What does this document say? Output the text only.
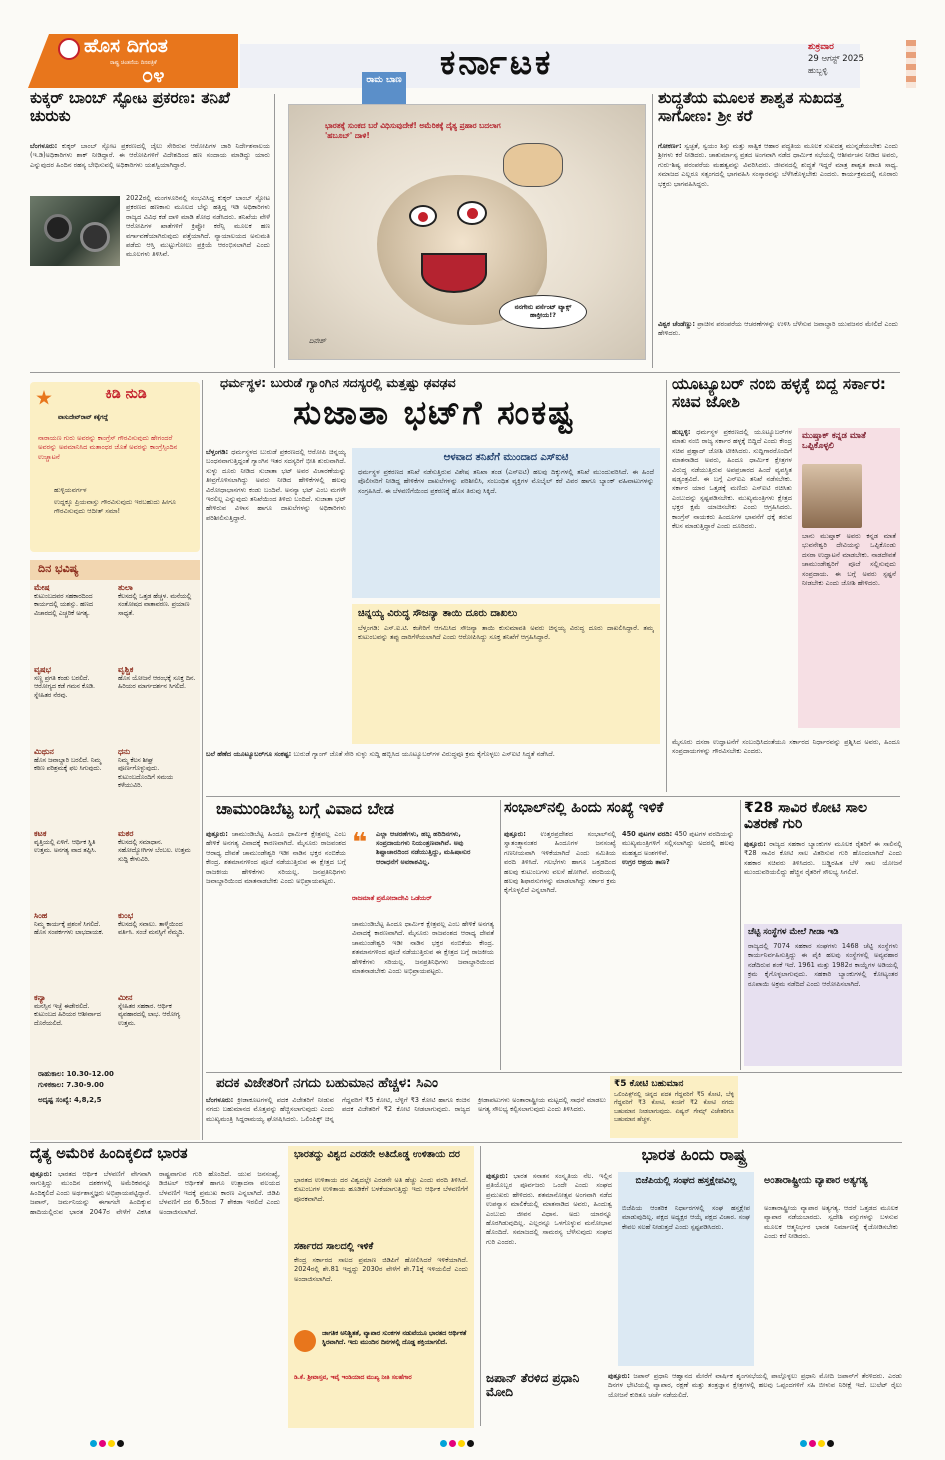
ಹೊಸ ದಿಗಂತ
ರಾಷ್ಟ್ರ ಚಿಂತನೆಯ ದಿನಪತ್ರಿಕೆ
೦೪	ಕರ್ನಾಟಕ	ಶುಕ್ರವಾರ
29 ಆಗಸ್ಟ್ 2025
ಹುಬ್ಬಳ್ಳಿ
ಕುಕ್ಕರ್ ಬಾಂಬ್ ಸ್ಫೋಟ ಪ್ರಕರಣ: ತನಿಖೆ ಚುರುಕು
ಬೆಂಗಳೂರು: ಕುಕ್ಕರ್ ಬಾಂಬ್ ಸ್ಫೋಟ ಪ್ರಕರಣದಲ್ಲಿ ಜೈಲು ಸೇರಿರುವ ಆರೋಪಿಗಳ ಜಾರಿ ನಿರ್ದೇಶನಾಲಯ (ಇ.ಡಿ)ಅಧಿಕಾರಿಗಳು ಶಾಕ್ ನೀಡಿದ್ದಾರೆ. ಈ ಆರೋಪಿಗಳಿಗೆ ವಿದೇಶದಿಂದ ಹಣ ಸಂದಾಯ ಮಾಡಿದ್ದು ಯಾರು ಎನ್ನುವುದರ ಹಿಂದಿನ ರಹಸ್ಯ ಬೇಧಿಸುವಲ್ಲಿ ಅಧಿಕಾರಿಗಳು ಯಶಸ್ವಿಯಾಗಿದ್ದಾರೆ.
2022ರಲ್ಲಿ ಮಂಗಳೂರಿನಲ್ಲಿ ಸಂಭವಿಸಿದ್ದ ಕುಕ್ಕರ್ ಬಾಂಬ್ ಸ್ಫೋಟ ಪ್ರಕರಣದ ಹಣಕಾಸು ಮೂಲದ ಬೆನ್ನು ಹತ್ತಿದ್ದ ಇಡಿ ಅಧಿಕಾರಿಗಳು ರಾಜ್ಯದ ವಿವಿಧ ಕಡೆ ದಾಳಿ ಮಾಡಿ ಶೋಧ ನಡೆಸಿದರು. ತನಿಖೆಯ ವೇಳೆ ಆರೋಪಿಗಳ ಖಾತೆಗಳಿಗೆ ಕ್ರಿಪ್ಟೋ ಕರೆನ್ಸಿ ಮೂಲಕ ಹಣ ವರ್ಗಾವಣೆಯಾಗಿರುವುದು ಪತ್ತೆಯಾಗಿದೆ. ನ್ಯಾಯಾಲಯದ ಅನುಮತಿ ಪಡೆದು ಆಸ್ತಿ ಮುಟ್ಟುಗೋಲು ಪ್ರಕ್ರಿಯೆ ಆರಂಭಿಸಲಾಗಿದೆ ಎಂದು ಮೂಲಗಳು ತಿಳಿಸಿವೆ.
ರಾಮ ಬಾಣ
ಭಾರತಕ್ಕೆ ಸುಂಕದ ಬರೆ ವಿಧಿಸುವುದೇಕೆ! ಅಮೆರಿಕಕ್ಕೆ ದೈತ್ಯ ಪ್ರಹಾರ ಬದಲಾಗ 'ಹಬೂಬ್' ದಾಳಿ!
ನನಗೇನು ಪರ್ಸೆಂಟ್ ಟ್ಯಾಕ್ಸ್ ಹಾಕ್ತೀಯ!?
ದಿನೇಶ್
ಶುದ್ಧತೆಯ ಮೂಲಕ ಶಾಶ್ವತ ಸುಖದತ್ತ ಸಾಗೋಣ: ಶ್ರೀ ಕರೆ
ಗೋಕರ್ಣ: ಸ್ವಚ್ಛತೆ, ಸ್ವಯಂ ಶಿಸ್ತು ಮತ್ತು ಸಾತ್ವಿಕ ಆಹಾರ ಪದ್ಧತಿಯ ಮೂಲಕ ಸುಖದತ್ತ ಮುನ್ನಡೆಯಬೇಕು ಎಂದು ಶ್ರೀಗಳು ಕರೆ ನೀಡಿದರು. ಚಾತುರ್ಮಾಸ್ಯ ವ್ರತದ ಅಂಗವಾಗಿ ನಡೆದ ಧಾರ್ಮಿಕ ಸಭೆಯಲ್ಲಿ ಆಶೀರ್ವಚನ ನೀಡಿದ ಅವರು, ಗುರು-ಶಿಷ್ಯ ಪರಂಪರೆಯ ಮಹತ್ವವನ್ನು ವಿವರಿಸಿದರು. ಜೀವನದಲ್ಲಿ ಶುದ್ಧತೆ ಇದ್ದರೆ ಮಾತ್ರ ಶಾಶ್ವತ ಶಾಂತಿ ಸಾಧ್ಯ. ಸಮಾಜದ ಎಲ್ಲರೂ ಸತ್ಸಂಗದಲ್ಲಿ ಭಾಗವಹಿಸಿ ಸಂಸ್ಕಾರವನ್ನು ಬೆಳೆಸಿಕೊಳ್ಳಬೇಕು ಎಂದರು. ಕಾರ್ಯಕ್ರಮದಲ್ಲಿ ನೂರಾರು ಭಕ್ತರು ಭಾಗವಹಿಸಿದ್ದರು.
ವಿಶ್ವಕ ಚೆಂಡೆಣ್ಣು: ಪ್ರಾಚೀನ ಪರಂಪರೆಯ ಆಚರಣೆಗಳನ್ನು ಉಳಿಸಿ ಬೆಳೆಸುವ ಜವಾಬ್ದಾರಿ ಯುವಜನರ ಮೇಲಿದೆ ಎಂದು ಹೇಳಿದರು.
ಕಿಡಿ ನುಡಿ
ವಾಸುದೇವ್‌ರಾವ್ ಕಕ್ಕೆಗದ್ದೆ
ನಾರಾಯಣ ಗುರು ಅವರನ್ನು ಕಾಂಗ್ರೆಸ್ ಗೌರವಿಸುವುದು ಹೇಗಂದರೆ ಅವರನ್ನು ಅವಮಾನಿಸಿದ ಮತಾಂಧರ ಜೊತೆ ಅವರನ್ನು ಕಾಂಗ್ರೆಸ್ಸಿಂದಿನ ಉಚ್ಚಾಟನೆ
ಹುಳ್ಳಿಯವರ್ಗಳ
ಉದ್ದಕ್ಕೂ ಪ್ರಿಯವಾಸ್ತು ಗೌರವಿಸುವುದು ಇರಬಹುದು ಹೀಗೂ ಗೌರವಿಸುವುದು ಆದೀತ್ ಸಮಾ!
ದಿನ ಭವಿಷ್ಯ
ಮೇಷ
ಕುಟುಂಬದವರ ಸಹಕಾರದಿಂದ ಕಾರ್ಯದಲ್ಲಿ ಯಶಸ್ಸು. ಹಣದ ವಿಚಾರದಲ್ಲಿ ಎಚ್ಚರಿಕೆ ಅಗತ್ಯ.
ತುಲಾ
ಕೆಲಸದಲ್ಲಿ ಒತ್ತಡ ಹೆಚ್ಚಳ. ಮನೆಯಲ್ಲಿ ಸಂತೋಷದ ವಾತಾವರಣ. ಪ್ರಯಾಣ ಸಾಧ್ಯತೆ.
ವೃಷಭ
ಸಣ್ಣ ಪ್ರಗತಿ ಕಂಡು ಬರಲಿದೆ. ಆರೋಗ್ಯದ ಕಡೆ ಗಮನ ಕೊಡಿ. ಸ್ನೇಹಿತರ ನೆರವು.
ವೃಶ್ಚಿಕ
ಹೊಸ ಯೋಜನೆ ಆರಂಭಕ್ಕೆ ಸೂಕ್ತ ದಿನ. ಹಿರಿಯರ ಮಾರ್ಗದರ್ಶನ ಸಿಗಲಿದೆ.
ಮಿಥುನ
ಹೊಸ ಜವಾಬ್ದಾರಿ ಬರಲಿದೆ. ನಿಮ್ಮ ಕಠಿಣ ಪರಿಶ್ರಮಕ್ಕೆ ಫಲ ಸಿಗುವುದು.
ಧನು
ನಿಮ್ಮ ಕೆಲಸ ಶೀಘ್ರ ಪೂರ್ಣಗೊಳ್ಳುವುದು. ಕುಟುಂಬದೊಂದಿಗೆ ಸಮಯ ಕಳೆಯುವಿರಿ.
ಕಟಕ
ವೃತ್ತಿಯಲ್ಲಿ ಏಳಿಗೆ. ಆರ್ಥಿಕ ಸ್ಥಿತಿ ಉತ್ತಮ. ಅನಗತ್ಯ ವಾದ ತಪ್ಪಿಸಿ.
ಮಕರ
ಕೆಲಸದಲ್ಲಿ ಸಮಾಧಾನ. ಸಹೋದ್ಯೋಗಿಗಳ ಬೆಂಬಲ. ಉತ್ತಮ ಸುದ್ದಿ ಕೇಳುವಿರಿ.
ಸಿಂಹ
ನಿಮ್ಮ ಕಾರ್ಯಕ್ಕೆ ಪ್ರಶಂಸೆ ಸಿಗಲಿದೆ. ಹೊಸ ಸಂಪರ್ಕಗಳು ಲಾಭದಾಯಕ.
ಕುಂಭ
ಕೆಲಸದಲ್ಲಿ ಸವಾಲು. ತಾಳ್ಮೆಯಿಂದ ವರ್ತಿಸಿ. ಸಂಜೆ ಮನಸ್ಸಿಗೆ ನೆಮ್ಮದಿ.
ಕನ್ಯಾ
ಮನಸ್ಸಿನ ಇಚ್ಛೆ ಈಡೇರಲಿದೆ. ಕುಟುಂಬದ ಹಿರಿಯರ ಆಶೀರ್ವಾದ ದೊರೆಯಲಿದೆ.
ಮೀನ
ಸ್ನೇಹಿತರ ಸಹಕಾರ. ಆರ್ಥಿಕ ವ್ಯವಹಾರದಲ್ಲಿ ಲಾಭ. ಆರೋಗ್ಯ ಉತ್ತಮ.
ರಾಹುಕಾಲ: 10.30-12.00
ಗುಳಿಕಕಾಲ: 7.30-9.00
ಅದೃಷ್ಟ ಸಂಖ್ಯೆ: 4,8,2,5
ಧರ್ಮಸ್ಥಳ: ಬುರುಡೆ ಗ್ಯಾಂಗಿನ ಸದಸ್ಯರಲ್ಲಿ ಮತ್ತಷ್ಟು ಢವಢವ
ಸುಜಾತಾ ಭಟ್‌ಗೆ ಸಂಕಷ್ಟ
ಬೆಳ್ತಂಗಡಿ: ಧರ್ಮಸ್ಥಳದ ಬುರುಡೆ ಪ್ರಕರಣದಲ್ಲಿ ಆರೋಪಿ ಚಿನ್ನಯ್ಯ ಬಂಧನವಾಗುತ್ತಿದ್ದಂತೆ ಗ್ಯಾಂಗಿನ ಇತರ ಸದಸ್ಯರಿಗೆ ಭೀತಿ ಶುರುವಾಗಿದೆ. ಸುಳ್ಳು ದೂರು ನೀಡಿದ ಸುಜಾತಾ ಭಟ್ ಅವರ ವಿಚಾರಣೆಯನ್ನು ತೀವ್ರಗೊಳಿಸಲಾಗಿದ್ದು ಅವರು ನೀಡಿದ ಹೇಳಿಕೆಗಳಲ್ಲಿ ಹಲವು ವಿರೋಧಾಭಾಸಗಳು ಕಂಡು ಬಂದಿವೆ. ಅನನ್ಯಾ ಭಟ್ ಎಂಬ ಮಗಳೇ ಇರಲಿಲ್ಲ ಎನ್ನುವುದು ತನಿಖೆಯಿಂದ ತಿಳಿದು ಬಂದಿದೆ. ಸುಜಾತಾ ಭಟ್ ಹೇಳಿರುವ ವಿಳಾಸ ಹಾಗೂ ದಾಖಲೆಗಳನ್ನು ಅಧಿಕಾರಿಗಳು ಪರಿಶೀಲಿಸುತ್ತಿದ್ದಾರೆ.
ಆಳವಾದ ತನಿಖೆಗೆ ಮುಂದಾದ ಎಸ್ಐಟಿ
ಧರ್ಮಸ್ಥಳ ಪ್ರಕರಣದ ತನಿಖೆ ನಡೆಸುತ್ತಿರುವ ವಿಶೇಷ ತನಿಖಾ ತಂಡ (ಎಸ್ಐಟಿ) ಹಲವು ದಿಕ್ಕುಗಳಲ್ಲಿ ತನಿಖೆ ಮುಂದುವರಿಸಿದೆ. ಈ ಹಿಂದೆ ಪೊಲೀಸರಿಗೆ ನೀಡಿದ್ದ ಹೇಳಿಕೆಗಳ ದಾಖಲೆಗಳನ್ನು ಪರಿಶೀಲಿಸಿ, ಸಂಬಂಧಿತ ವ್ಯಕ್ತಿಗಳ ಮೊಬೈಲ್ ಕರೆ ವಿವರ ಹಾಗೂ ಬ್ಯಾಂಕ್ ವಹಿವಾಟುಗಳನ್ನು ಸಂಗ್ರಹಿಸಿದೆ. ಈ ಬೆಳವಣಿಗೆಯಿಂದ ಪ್ರಕರಣಕ್ಕೆ ಹೊಸ ತಿರುವು ಸಿಕ್ಕಿದೆ.
ಚಿನ್ನಯ್ಯ ವಿರುದ್ಧ ಸೌಜನ್ಯಾ ತಾಯಿ ದೂರು ದಾಖಲು
ಬೆಳ್ತಂಗಡಿ: ಎಸ್.ಐ.ಟಿ. ಕಚೇರಿಗೆ ಆಗಮಿಸಿದ ಸೌಜನ್ಯಾ ತಾಯಿ ಕುಸುಮಾವತಿ ಅವರು ಚಿನ್ನಯ್ಯ ವಿರುದ್ಧ ದೂರು ದಾಖಲಿಸಿದ್ದಾರೆ. ತಮ್ಮ ಕುಟುಂಬವನ್ನು ತಪ್ಪು ದಾರಿಗೆಳೆಯಲಾಗಿದೆ ಎಂದು ಆರೋಪಿಸಿದ್ದು ಸೂಕ್ತ ತನಿಖೆಗೆ ಆಗ್ರಹಿಸಿದ್ದಾರೆ.
ಬಲೆ ಹೆಣೆದ ಯೂಟ್ಯೂಬರ್‌ಗೂ ಸಂಕಷ್ಟ: ಬುರುಡೆ ಗ್ಯಾಂಗ್ ಜೊತೆ ಸೇರಿ ಸುಳ್ಳು ಸುದ್ದಿ ಹಬ್ಬಿಸಿದ ಯೂಟ್ಯೂಬರ್‌ಗಳ ವಿರುದ್ಧವೂ ಕ್ರಮ ಕೈಗೊಳ್ಳಲು ಎಸ್ಐಟಿ ಸಿದ್ಧತೆ ನಡೆಸಿದೆ.
ಯೂಟ್ಯೂಬರ್ ನಂಬಿ ಹಳ್ಳಕ್ಕೆ ಬಿದ್ದ ಸರ್ಕಾರ: ಸಚಿವ ಜೋಶಿ
ಹುಬ್ಬಳ್ಳಿ: ಧರ್ಮಸ್ಥಳ ಪ್ರಕರಣದಲ್ಲಿ ಯೂಟ್ಯೂಬರ್‌ಗಳ ಮಾತು ನಂಬಿ ರಾಜ್ಯ ಸರ್ಕಾರ ಹಳ್ಳಕ್ಕೆ ಬಿದ್ದಿದೆ ಎಂದು ಕೇಂದ್ರ ಸಚಿವ ಪ್ರಹ್ಲಾದ್ ಜೋಶಿ ಟೀಕಿಸಿದರು. ಸುದ್ದಿಗಾರರೊಂದಿಗೆ ಮಾತನಾಡಿದ ಅವರು, ಹಿಂದೂ ಧಾರ್ಮಿಕ ಕ್ಷೇತ್ರಗಳ ವಿರುದ್ಧ ನಡೆಯುತ್ತಿರುವ ಅಪಪ್ರಚಾರದ ಹಿಂದೆ ವ್ಯವಸ್ಥಿತ ಷಡ್ಯಂತ್ರವಿದೆ. ಈ ಬಗ್ಗೆ ಎನ್ಐಎ ತನಿಖೆ ನಡೆಸಬೇಕು. ಸರ್ಕಾರ ಯಾರ ಒತ್ತಡಕ್ಕೆ ಮಣಿದು ಎಸ್ಐಟಿ ರಚಿಸಿತು ಎಂಬುದನ್ನು ಸ್ಪಷ್ಟಪಡಿಸಬೇಕು. ಮುಖ್ಯಮಂತ್ರಿಗಳು ಕ್ಷೇತ್ರದ ಭಕ್ತರ ಕ್ಷಮೆ ಯಾಚಿಸಬೇಕು ಎಂದು ಆಗ್ರಹಿಸಿದರು. ಕಾಂಗ್ರೆಸ್ ನಾಯಕರು ಹಿಂದೂಗಳ ಭಾವನೆಗೆ ಧಕ್ಕೆ ತರುವ ಕೆಲಸ ಮಾಡುತ್ತಿದ್ದಾರೆ ಎಂದು ದೂರಿದರು.
ಮುಷ್ತಾಕ್ ಕನ್ನಡ ಮಾತೆ ಒಪ್ಪಿಕೊಳ್ಳಲಿ
ಬಾನು ಮುಷ್ತಾಕ್ ಅವರು ಕನ್ನಡ ಮಾತೆ ಭುವನೇಶ್ವರಿ ದೇವಿಯನ್ನು ಒಪ್ಪಿಕೊಂಡು ದಸರಾ ಉದ್ಘಾಟನೆ ಮಾಡಬೇಕು. ನಾಡದೇವತೆ ಚಾಮುಂಡೇಶ್ವರಿಗೆ ಪೂಜೆ ಸಲ್ಲಿಸುವುದು ಸಂಪ್ರದಾಯ. ಈ ಬಗ್ಗೆ ಅವರು ಸ್ಪಷ್ಟನೆ ನೀಡಬೇಕು ಎಂದು ಜೋಶಿ ಹೇಳಿದರು.
ಮೈಸೂರು ದಸರಾ ಉದ್ಘಾಟನೆಗೆ ಸಂಬಂಧಿಸಿದಂತೆಯೂ ಸರ್ಕಾರದ ನಿರ್ಧಾರವನ್ನು ಪ್ರಶ್ನಿಸಿದ ಅವರು, ಹಿಂದೂ ಸಂಪ್ರದಾಯಗಳನ್ನು ಗೌರವಿಸಬೇಕು ಎಂದರು.
ಚಾಮುಂಡಿಬೆಟ್ಟ ಬಗ್ಗೆ ವಿವಾದ ಬೇಡ
ಪುತ್ತೂರು: ಚಾಮುಂಡಿಬೆಟ್ಟ ಹಿಂದೂ ಧಾರ್ಮಿಕ ಕ್ಷೇತ್ರವಲ್ಲ ಎಂಬ ಹೇಳಿಕೆ ಅನಗತ್ಯ ವಿವಾದಕ್ಕೆ ಕಾರಣವಾಗಿದೆ. ಮೈಸೂರು ರಾಜವಂಶದ ಆರಾಧ್ಯ ದೇವತೆ ಚಾಮುಂಡೇಶ್ವರಿ ಇಡೀ ನಾಡಿನ ಭಕ್ತರ ನಂಬಿಕೆಯ ಕೇಂದ್ರ. ಶತಮಾನಗಳಿಂದ ಪೂಜೆ ನಡೆಯುತ್ತಿರುವ ಈ ಕ್ಷೇತ್ರದ ಬಗ್ಗೆ ರಾಜಕೀಯ ಹೇಳಿಕೆಗಳು ಸರಿಯಲ್ಲ. ಜನಪ್ರತಿನಿಧಿಗಳು ಜವಾಬ್ದಾರಿಯಿಂದ ಮಾತನಾಡಬೇಕು ಎಂದು ಅಭಿಪ್ರಾಯಪಟ್ಟರು.
❝ ಎಲ್ಲಾ ಆಚರಣೆಗಳು, ಹಬ್ಬ ಹರಿದಿನಗಳು, ಸಂಪ್ರದಾಯಗಳು ನಿಯಂತ್ರಣವಾಗಿವೆ. ಅವು ಶಿಷ್ಟಾಚಾರದಿಂದ ನಡೆಯುತ್ತಿದ್ದು, ಮಹಿಷಾಸುರ ಆರಾಧನೆಗೆ ಅವಕಾಶವಿಲ್ಲ.
ರಾಜಮಾತೆ ಪ್ರಮೋದಾದೇವಿ ಒಡೆಯರ್
ಚಾಮುಂಡಿಬೆಟ್ಟ ಹಿಂದೂ ಧಾರ್ಮಿಕ ಕ್ಷೇತ್ರವಲ್ಲ ಎಂಬ ಹೇಳಿಕೆ ಅನಗತ್ಯ ವಿವಾದಕ್ಕೆ ಕಾರಣವಾಗಿದೆ. ಮೈಸೂರು ರಾಜವಂಶದ ಆರಾಧ್ಯ ದೇವತೆ ಚಾಮುಂಡೇಶ್ವರಿ ಇಡೀ ನಾಡಿನ ಭಕ್ತರ ನಂಬಿಕೆಯ ಕೇಂದ್ರ. ಶತಮಾನಗಳಿಂದ ಪೂಜೆ ನಡೆಯುತ್ತಿರುವ ಈ ಕ್ಷೇತ್ರದ ಬಗ್ಗೆ ರಾಜಕೀಯ ಹೇಳಿಕೆಗಳು ಸರಿಯಲ್ಲ. ಜನಪ್ರತಿನಿಧಿಗಳು ಜವಾಬ್ದಾರಿಯಿಂದ ಮಾತನಾಡಬೇಕು ಎಂದು ಅಭಿಪ್ರಾಯಪಟ್ಟರು.
ಸಂಭಾಲ್‌ನಲ್ಲಿ ಹಿಂದು ಸಂಖ್ಯೆ ಇಳಿಕೆ
ಪುತ್ತೂರು: ಉತ್ತರಪ್ರದೇಶದ ಸಂಭಾಲ್‌ನಲ್ಲಿ ಸ್ವಾತಂತ್ರ್ಯಾನಂತರ ಹಿಂದೂಗಳ ಜನಸಂಖ್ಯೆ ಗಣನೀಯವಾಗಿ ಇಳಿಕೆಯಾಗಿದೆ ಎಂದು ಸಮಿತಿಯ ವರದಿ ತಿಳಿಸಿದೆ. ಗಲಭೆಗಳು ಹಾಗೂ ಒತ್ತಡದಿಂದ ಹಲವು ಕುಟುಂಬಗಳು ವಲಸೆ ಹೋಗಿವೆ. ವರದಿಯಲ್ಲಿ ಹಲವು ಶಿಫಾರಸುಗಳನ್ನು ಮಾಡಲಾಗಿದ್ದು ಸರ್ಕಾರ ಕ್ರಮ ಕೈಗೊಳ್ಳಲಿದೆ ಎನ್ನಲಾಗಿದೆ.
450 ಪುಟಗಳ ವರದಿ: 450 ಪುಟಗಳ ವರದಿಯನ್ನು ಮುಖ್ಯಮಂತ್ರಿಗಳಿಗೆ ಸಲ್ಲಿಸಲಾಗಿದ್ದು ಅದರಲ್ಲಿ ಹಲವು ಮಹತ್ವದ ಅಂಶಗಳಿವೆ.
ಉಗ್ರರ ಆಶ್ರಯ ತಾಣ?
₹28 ಸಾವಿರ ಕೋಟಿ ಸಾಲ ವಿತರಣೆ ಗುರಿ
ಪುತ್ತೂರು: ರಾಜ್ಯದ ಸಹಕಾರ ಬ್ಯಾಂಕುಗಳ ಮೂಲಕ ರೈತರಿಗೆ ಈ ಸಾಲಿನಲ್ಲಿ ₹28 ಸಾವಿರ ಕೋಟಿ ಸಾಲ ವಿತರಿಸುವ ಗುರಿ ಹೊಂದಲಾಗಿದೆ ಎಂದು ಸಹಕಾರ ಸಚಿವರು ತಿಳಿಸಿದರು. ಬಡ್ಡಿರಹಿತ ಬೆಳೆ ಸಾಲ ಯೋಜನೆ ಮುಂದುವರಿಯಲಿದ್ದು ಹೆಚ್ಚಿನ ರೈತರಿಗೆ ಸೌಲಭ್ಯ ಸಿಗಲಿದೆ.
ಚೆಟ್ಟಿ ಸಂಸ್ಥೆಗಳ ಮೇಲೆ ಗೀಡಾ ಇಡಿ
ರಾಜ್ಯದಲ್ಲಿ 7074 ಸಹಕಾರ ಸಂಘಗಳು 1468 ಚೆಟ್ಟಿ ಸಂಸ್ಥೆಗಳು ಕಾರ್ಯನಿರ್ವಹಿಸುತ್ತಿದ್ದು ಈ ಪೈಕಿ ಹಲವು ಸಂಸ್ಥೆಗಳಲ್ಲಿ ಅವ್ಯವಹಾರ ನಡೆದಿರುವ ಶಂಕೆ ಇದೆ. 1961 ಮತ್ತು 1982ರ ಕಾಯ್ದೆಗಳ ಅಡಿಯಲ್ಲಿ ಕ್ರಮ ಕೈಗೊಳ್ಳಲಾಗುವುದು. ಸಹಕಾರಿ ಬ್ಯಾಂಕುಗಳಲ್ಲಿ ಕೋಟ್ಯಂತರ ರೂಪಾಯಿ ಅಕ್ರಮ ನಡೆದಿದೆ ಎಂದು ಆರೋಪಿಸಲಾಗಿದೆ.
ಪದಕ ವಿಜೇತರಿಗೆ ನಗದು ಬಹುಮಾನ ಹೆಚ್ಚಳ: ಸಿಎಂ
ಬೆಂಗಳೂರು: ಕ್ರೀಡಾಕೂಟಗಳಲ್ಲಿ ಪದಕ ವಿಜೇತರಿಗೆ ನೀಡುವ ನಗದು ಬಹುಮಾನದ ಮೊತ್ತವನ್ನು ಹೆಚ್ಚಿಸಲಾಗುವುದು ಎಂದು ಮುಖ್ಯಮಂತ್ರಿ ಸಿದ್ದರಾಮಯ್ಯ ಘೋಷಿಸಿದರು. ಒಲಿಂಪಿಕ್ಸ್ ಚಿನ್ನ ಗೆದ್ದವರಿಗೆ ₹5 ಕೋಟಿ, ಬೆಳ್ಳಿಗೆ ₹3 ಕೋಟಿ ಹಾಗೂ ಕಂಚಿನ ಪದಕ ವಿಜೇತರಿಗೆ ₹2 ಕೋಟಿ ನೀಡಲಾಗುವುದು. ರಾಜ್ಯದ ಕ್ರೀಡಾಪಟುಗಳು ಅಂತಾರಾಷ್ಟ್ರೀಯ ಮಟ್ಟದಲ್ಲಿ ಸಾಧನೆ ಮಾಡಲು ಅಗತ್ಯ ಸೌಲಭ್ಯ ಕಲ್ಪಿಸಲಾಗುವುದು ಎಂದು ತಿಳಿಸಿದರು.
₹5 ಕೋಟಿ ಬಹುಮಾನ
ಒಲಿಂಪಿಕ್ಸ್‌ನಲ್ಲಿ ಚಿನ್ನದ ಪದಕ ಗೆದ್ದವರಿಗೆ ₹5 ಕೋಟಿ, ಬೆಳ್ಳಿ ಗೆದ್ದವರಿಗೆ ₹3 ಕೋಟಿ, ಕಂಚಿಗೆ ₹2 ಕೋಟಿ ನಗದು ಬಹುಮಾನ ನೀಡಲಾಗುವುದು. ಏಷ್ಯನ್ ಗೇಮ್ಸ್ ವಿಜೇತರಿಗೂ ಬಹುಮಾನ ಹೆಚ್ಚಳ.
ದೈತ್ಯ ಅಮೆರಿಕ ಹಿಂದಿಕ್ಕಲಿದೆ ಭಾರತ
ಪುತ್ತೂರು: ಭಾರತದ ಆರ್ಥಿಕ ಬೆಳವಣಿಗೆ ವೇಗವಾಗಿ ಸಾಗುತ್ತಿದ್ದು ಮುಂದಿನ ದಶಕಗಳಲ್ಲಿ ಅಮೆರಿಕವನ್ನೂ ಹಿಂದಿಕ್ಕಲಿದೆ ಎಂದು ಅರ್ಥಶಾಸ್ತ್ರಜ್ಞರು ಅಭಿಪ್ರಾಯಪಟ್ಟಿದ್ದಾರೆ. ಜಪಾನ್, ಜರ್ಮನಿಯನ್ನು ಈಗಾಗಲೇ ಹಿಂದಿಕ್ಕುವ ಹಾದಿಯಲ್ಲಿರುವ ಭಾರತ 2047ರ ವೇಳೆಗೆ ವಿಕಸಿತ ರಾಷ್ಟ್ರವಾಗುವ ಗುರಿ ಹೊಂದಿದೆ. ಯುವ ಜನಸಂಖ್ಯೆ, ಡಿಜಿಟಲ್ ಆರ್ಥಿಕತೆ ಹಾಗೂ ಉತ್ಪಾದನಾ ವಲಯದ ಬೆಳವಣಿಗೆ ಇದಕ್ಕೆ ಪ್ರಮುಖ ಕಾರಣ ಎನ್ನಲಾಗಿದೆ. ಜಿಡಿಪಿ ಬೆಳವಣಿಗೆ ದರ 6.5ರಿಂದ 7 ಶೇಕಡಾ ಇರಲಿದೆ ಎಂದು ಅಂದಾಜಿಸಲಾಗಿದೆ.
ಭಾರತದ್ದು ವಿಶ್ವದ ಎರಡನೇ ಅತಿದೊಡ್ಡ ಉಳಿತಾಯ ದರ
ಭಾರತದ ಉಳಿತಾಯ ದರ ವಿಶ್ವದಲ್ಲೇ ಎರಡನೇ ಅತಿ ಹೆಚ್ಚು ಎಂದು ವರದಿ ತಿಳಿಸಿದೆ. ಕುಟುಂಬಗಳ ಉಳಿತಾಯ ಹೂಡಿಕೆಗೆ ಬಳಕೆಯಾಗುತ್ತಿದ್ದು ಇದು ಆರ್ಥಿಕ ಬೆಳವಣಿಗೆಗೆ ಪೂರಕವಾಗಿದೆ.
ಸರ್ಕಾರದ ಸಾಲದಲ್ಲಿ ಇಳಿಕೆ
ಕೇಂದ್ರ ಸರ್ಕಾರದ ಸಾಲದ ಪ್ರಮಾಣ ಜಿಡಿಪಿಗೆ ಹೋಲಿಸಿದರೆ ಇಳಿಕೆಯಾಗಿದೆ. 2024ರಲ್ಲಿ ಶೇ.81 ಇದ್ದದ್ದು 2030ರ ವೇಳೆಗೆ ಶೇ.71ಕ್ಕೆ ಇಳಿಯಲಿದೆ ಎಂದು ಅಂದಾಜಿಸಲಾಗಿದೆ.
ಜಾಗತಿಕ ಅನಿಶ್ಚಿತತೆ, ವ್ಯಾಪಾರ ಸುಂಕಗಳ ನಡುವೆಯೂ ಭಾರತದ ಆರ್ಥಿಕತೆ ಸ್ಥಿರವಾಗಿದೆ. ಇದು ಮುಂದಿನ ದಿನಗಳಲ್ಲಿ ದೊಡ್ಡ ಶಕ್ತಿಯಾಗಲಿದೆ.
ಡಿ.ಕೆ. ಶ್ರೀವಾಸ್ತವ, ಇವೈ ಇಂಡಿಯಾದ ಮುಖ್ಯ ನೀತಿ ಸಲಹೆಗಾರ
ಭಾರತ ಹಿಂದು ರಾಷ್ಟ್ರ
ಪುತ್ತೂರು: ಭಾರತ ಸನಾತನ ಸಂಸ್ಕೃತಿಯ ನೆಲ. ಇಲ್ಲಿನ ಪ್ರತಿಯೊಬ್ಬರ ಪೂರ್ವಜರು ಒಂದೇ ಎಂದು ಸಂಘದ ಪ್ರಮುಖರು ಹೇಳಿದರು. ಶತಮಾನೋತ್ಸವ ಅಂಗವಾಗಿ ನಡೆದ ಉಪನ್ಯಾಸ ಮಾಲಿಕೆಯಲ್ಲಿ ಮಾತನಾಡಿದ ಅವರು, ಹಿಂದುತ್ವ ಎಂಬುದು ಜೀವನ ವಿಧಾನ. ಅದು ಯಾರನ್ನೂ ಹೊರಗಿಡುವುದಿಲ್ಲ. ಎಲ್ಲರನ್ನೂ ಒಳಗೊಳ್ಳುವ ಮನೋಭಾವ ಹೊಂದಿದೆ. ಸಮಾಜದಲ್ಲಿ ಸಾಮರಸ್ಯ ಬೆಳೆಸುವುದು ಸಂಘದ ಗುರಿ ಎಂದರು.
ಬಿಜೆಪಿಯಲ್ಲಿ ಸಂಘದ ಹಸ್ತಕ್ಷೇಪವಿಲ್ಲ
ಬಿಜೆಪಿಯ ಆಂತರಿಕ ನಿರ್ಧಾರಗಳಲ್ಲಿ ಸಂಘ ಹಸ್ತಕ್ಷೇಪ ಮಾಡುವುದಿಲ್ಲ. ಪಕ್ಷದ ಅಧ್ಯಕ್ಷರ ಆಯ್ಕೆ ಪಕ್ಷದ ವಿಚಾರ. ಸಂಘ ಕೇವಲ ಸಲಹೆ ನೀಡುತ್ತದೆ ಎಂದು ಸ್ಪಷ್ಟಪಡಿಸಿದರು.
ಅಂತಾರಾಷ್ಟ್ರೀಯ ವ್ಯಾಪಾರ ಅತ್ಯಗತ್ಯ
ಅಂತಾರಾಷ್ಟ್ರೀಯ ವ್ಯಾಪಾರ ಅತ್ಯಗತ್ಯ. ಆದರೆ ಒತ್ತಡದ ಮೂಲಕ ವ್ಯಾಪಾರ ನಡೆಯಬಾರದು. ಸ್ವದೇಶಿ ವಸ್ತುಗಳನ್ನು ಬಳಸುವ ಮೂಲಕ ಆತ್ಮನಿರ್ಭರ ಭಾರತ ನಿರ್ಮಾಣಕ್ಕೆ ಕೈಜೋಡಿಸಬೇಕು ಎಂದು ಕರೆ ನೀಡಿದರು.
ಜಪಾನ್ ತೆರಳಿದ ಪ್ರಧಾನಿ ಮೋದಿ
ಪುತ್ತೂರು: ಜಪಾನ್ ಪ್ರಧಾನಿ ಆಹ್ವಾನದ ಮೇರೆಗೆ ವಾರ್ಷಿಕ ಶೃಂಗಸಭೆಯಲ್ಲಿ ಪಾಲ್ಗೊಳ್ಳಲು ಪ್ರಧಾನಿ ಮೋದಿ ಜಪಾನ್‌ಗೆ ತೆರಳಿದರು. ಎರಡು ದಿನಗಳ ಭೇಟಿಯಲ್ಲಿ ವ್ಯಾಪಾರ, ರಕ್ಷಣೆ ಮತ್ತು ತಂತ್ರಜ್ಞಾನ ಕ್ಷೇತ್ರಗಳಲ್ಲಿ ಹಲವು ಒಪ್ಪಂದಗಳಿಗೆ ಸಹಿ ಬೀಳುವ ನಿರೀಕ್ಷೆ ಇದೆ. ಬುಲೆಟ್ ರೈಲು ಯೋಜನೆ ಕುರಿತೂ ಚರ್ಚೆ ನಡೆಯಲಿದೆ.
